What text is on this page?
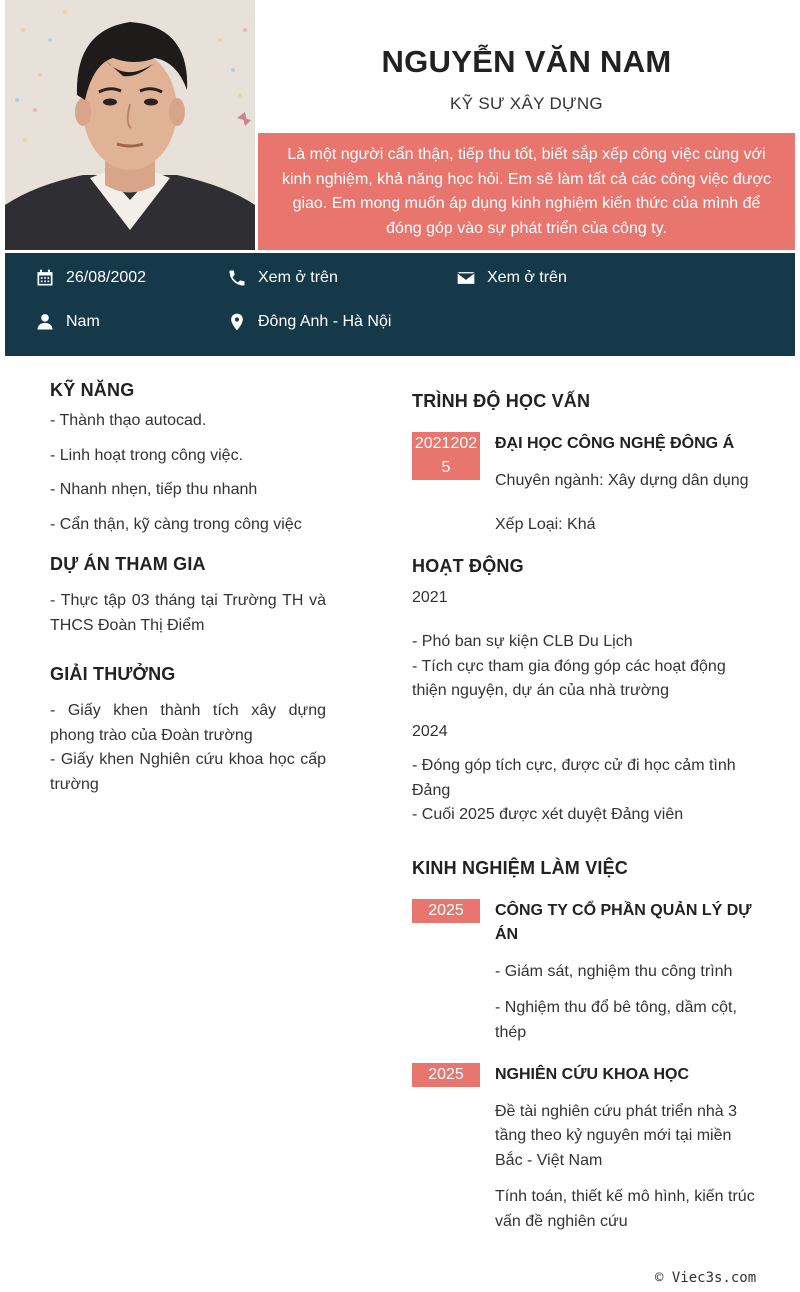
NGUYỄN VĂN NAM
KỸ SƯ XÂY DỰNG
Là một người cẩn thận, tiếp thu tốt, biết sắp xếp công việc cùng với kinh nghiệm, khả năng học hỏi. Em sẽ làm tất cả các công việc được giao. Em mong muốn áp dụng kinh nghiệm kiến thức của mình để đóng góp vào sự phát triển của công ty.
26/08/2002	Xem ở trên	Xem ở trên
Nam	Đông Anh - Hà Nội
KỸ NĂNG
- Thành thạo autocad.
- Linh hoạt trong công việc.
- Nhanh nhẹn, tiếp thu nhanh
- Cẩn thận, kỹ càng trong công việc
DỰ ÁN THAM GIA
- Thực tập 03 tháng tại Trường TH và THCS Đoàn Thị Điểm
GIẢI THƯỞNG
- Giấy khen thành tích xây dựng phong trào của Đoàn trường
- Giấy khen Nghiên cứu khoa học cấp trường
TRÌNH ĐỘ HỌC VẤN
20212025
ĐẠI HỌC CÔNG NGHỆ ĐÔNG Á
Chuyên ngành: Xây dựng dân dụng
Xếp Loại: Khá
HOẠT ĐỘNG
2021
- Phó ban sự kiện CLB Du Lịch
- Tích cực tham gia đóng góp các hoạt động thiện nguyện, dự án của nhà trường
2024
- Đóng góp tích cực, được cử đi học cảm tình Đảng
- Cuối 2025 được xét duyệt Đảng viên
KINH NGHIỆM LÀM VIỆC
2025	CÔNG TY CỔ PHẦN QUẢN LÝ DỰ ÁN
- Giám sát, nghiệm thu công trình
- Nghiệm thu đổ bê tông, dầm cột, thép
2025	NGHIÊN CỨU KHOA HỌC
Đề tài nghiên cứu phát triển nhà 3 tầng theo kỷ nguyên mới tại miền Bắc - Việt Nam
Tính toán, thiết kế mô hình, kiến trúc vấn đề nghiên cứu
© Viec3s.com
